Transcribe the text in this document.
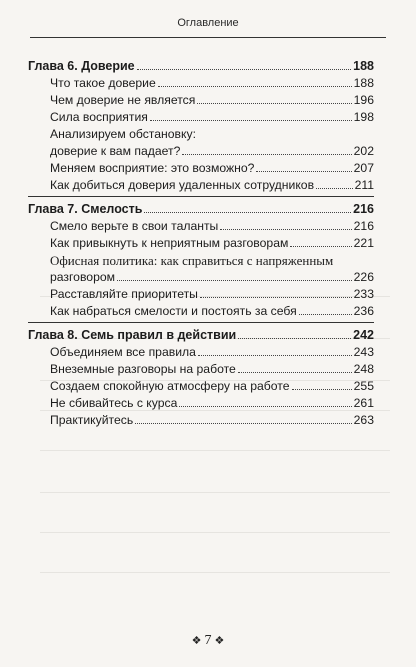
Оглавление
Глава 6. Доверие	188
Что такое доверие	188
Чем доверие не является	196
Сила восприятия	198
Анализируем обстановку:
доверие к вам падает?	202
Меняем восприятие: это возможно?	207
Как добиться доверия удаленных сотрудников	211
Глава 7. Смелость	216
Смело верьте в свои таланты	216
Как привыкнуть к неприятным разговорам	221
Офисная политика: как справиться с напряженным
разговором	226
Расставляйте приоритеты	233
Как набраться смелости и постоять за себя	236
Глава 8. Семь правил в действии	242
Объединяем все правила	243
Внеземные разговоры на работе	248
Создаем спокойную атмосферу на работе	255
Не сбивайтесь с курса	261
Практикуйтесь	263
❖ 7 ❖
